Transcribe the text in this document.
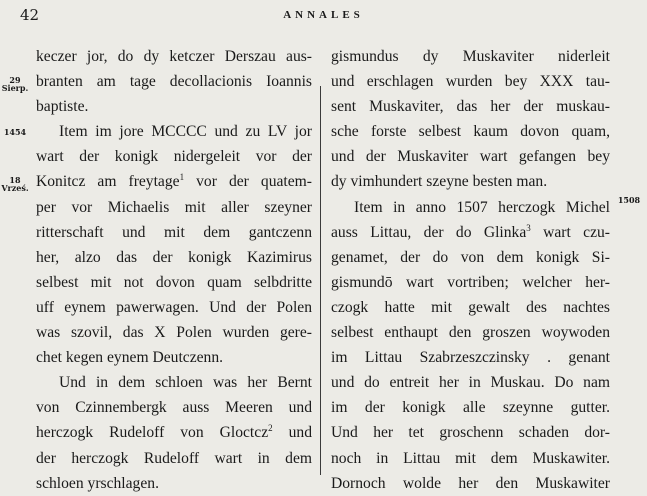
42	ANNALES
29
Sierp.
1454
18
Vrześ.
1508

keczer jor, do dy ketczer Derszau aus-

branten am tage decollacionis Ioannis

baptiste.

Item im jore MCCCC und zu LV jor

wart der konigk nidergeleit vor der

Konitcz am freytage$^1$ vor der quatem-

per vor Michaelis mit aller szeyner

ritterschaft und mit dem gantczenn

her, alzo das der konigk Kazimirus

selbest mit not dovon quam selbdritte

uff eynem pawerwagen. Und der Polen

was szovil, das X Polen wurden gere-

chet kegen eynem Deutczenn.

Und in dem schloen was her Bernt

von Czinnembergk auss Meeren und

herczogk Rudeloff von Gloctcz$^2$ und

der herczogk Rudeloff wart in dem

schloen yrschlagen.

gismundus dy Muskaviter niderleit

und erschlagen wurden bey XXX tau-

sent Muskaviter, das her der muskau-

sche forste selbest kaum dovon quam,

und der Muskaviter wart gefangen bey

dy vimhundert szeyne besten man.

Item in anno 1507 herczogk Michel

auss Littau, der do Glinka$^3$ wart czu-

genamet, der do von dem konigk Si-

gismundō wart vortriben; welcher her-

czogk hatte mit gewalt des nachtes

selbest enthaupt den groszen woywoden

im Littau Szabrzeszczinsky . genant

und do entreit her in Muskau. Do nam

im der konigk alle szeynne gutter.

Und her tet groschenn schaden dor-

noch in Littau mit dem Muskawiter.

Dornoch wolde her den Muskawiter
